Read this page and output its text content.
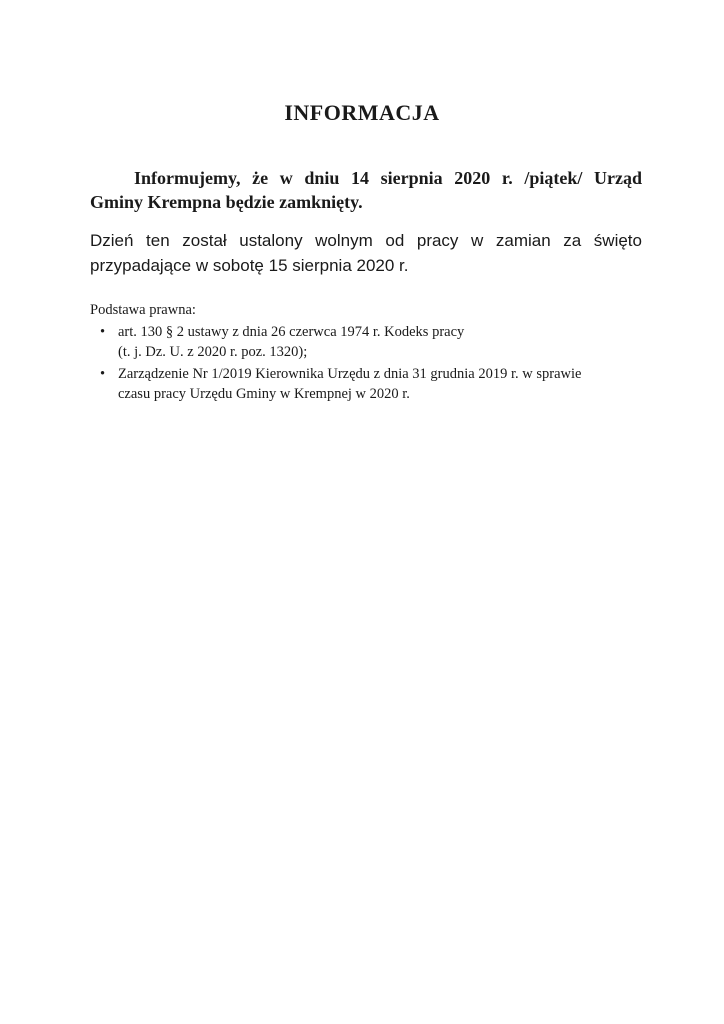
INFORMACJA
Informujemy, że w dniu 14 sierpnia 2020 r. /piątek/ Urząd
Gminy Krempna będzie zamknięty.
Dzień ten został ustalony wolnym od pracy w zamian za święto
przypadające w sobotę 15 sierpnia 2020 r.
Podstawa prawna:
• art. 130 § 2 ustawy z dnia 26 czerwca 1974 r. Kodeks pracy
(t. j. Dz. U. z 2020 r. poz. 1320);
• Zarządzenie Nr 1/2019 Kierownika Urzędu z dnia 31 grudnia 2019 r. w sprawie
czasu pracy Urzędu Gminy w Krempnej w 2020 r.
